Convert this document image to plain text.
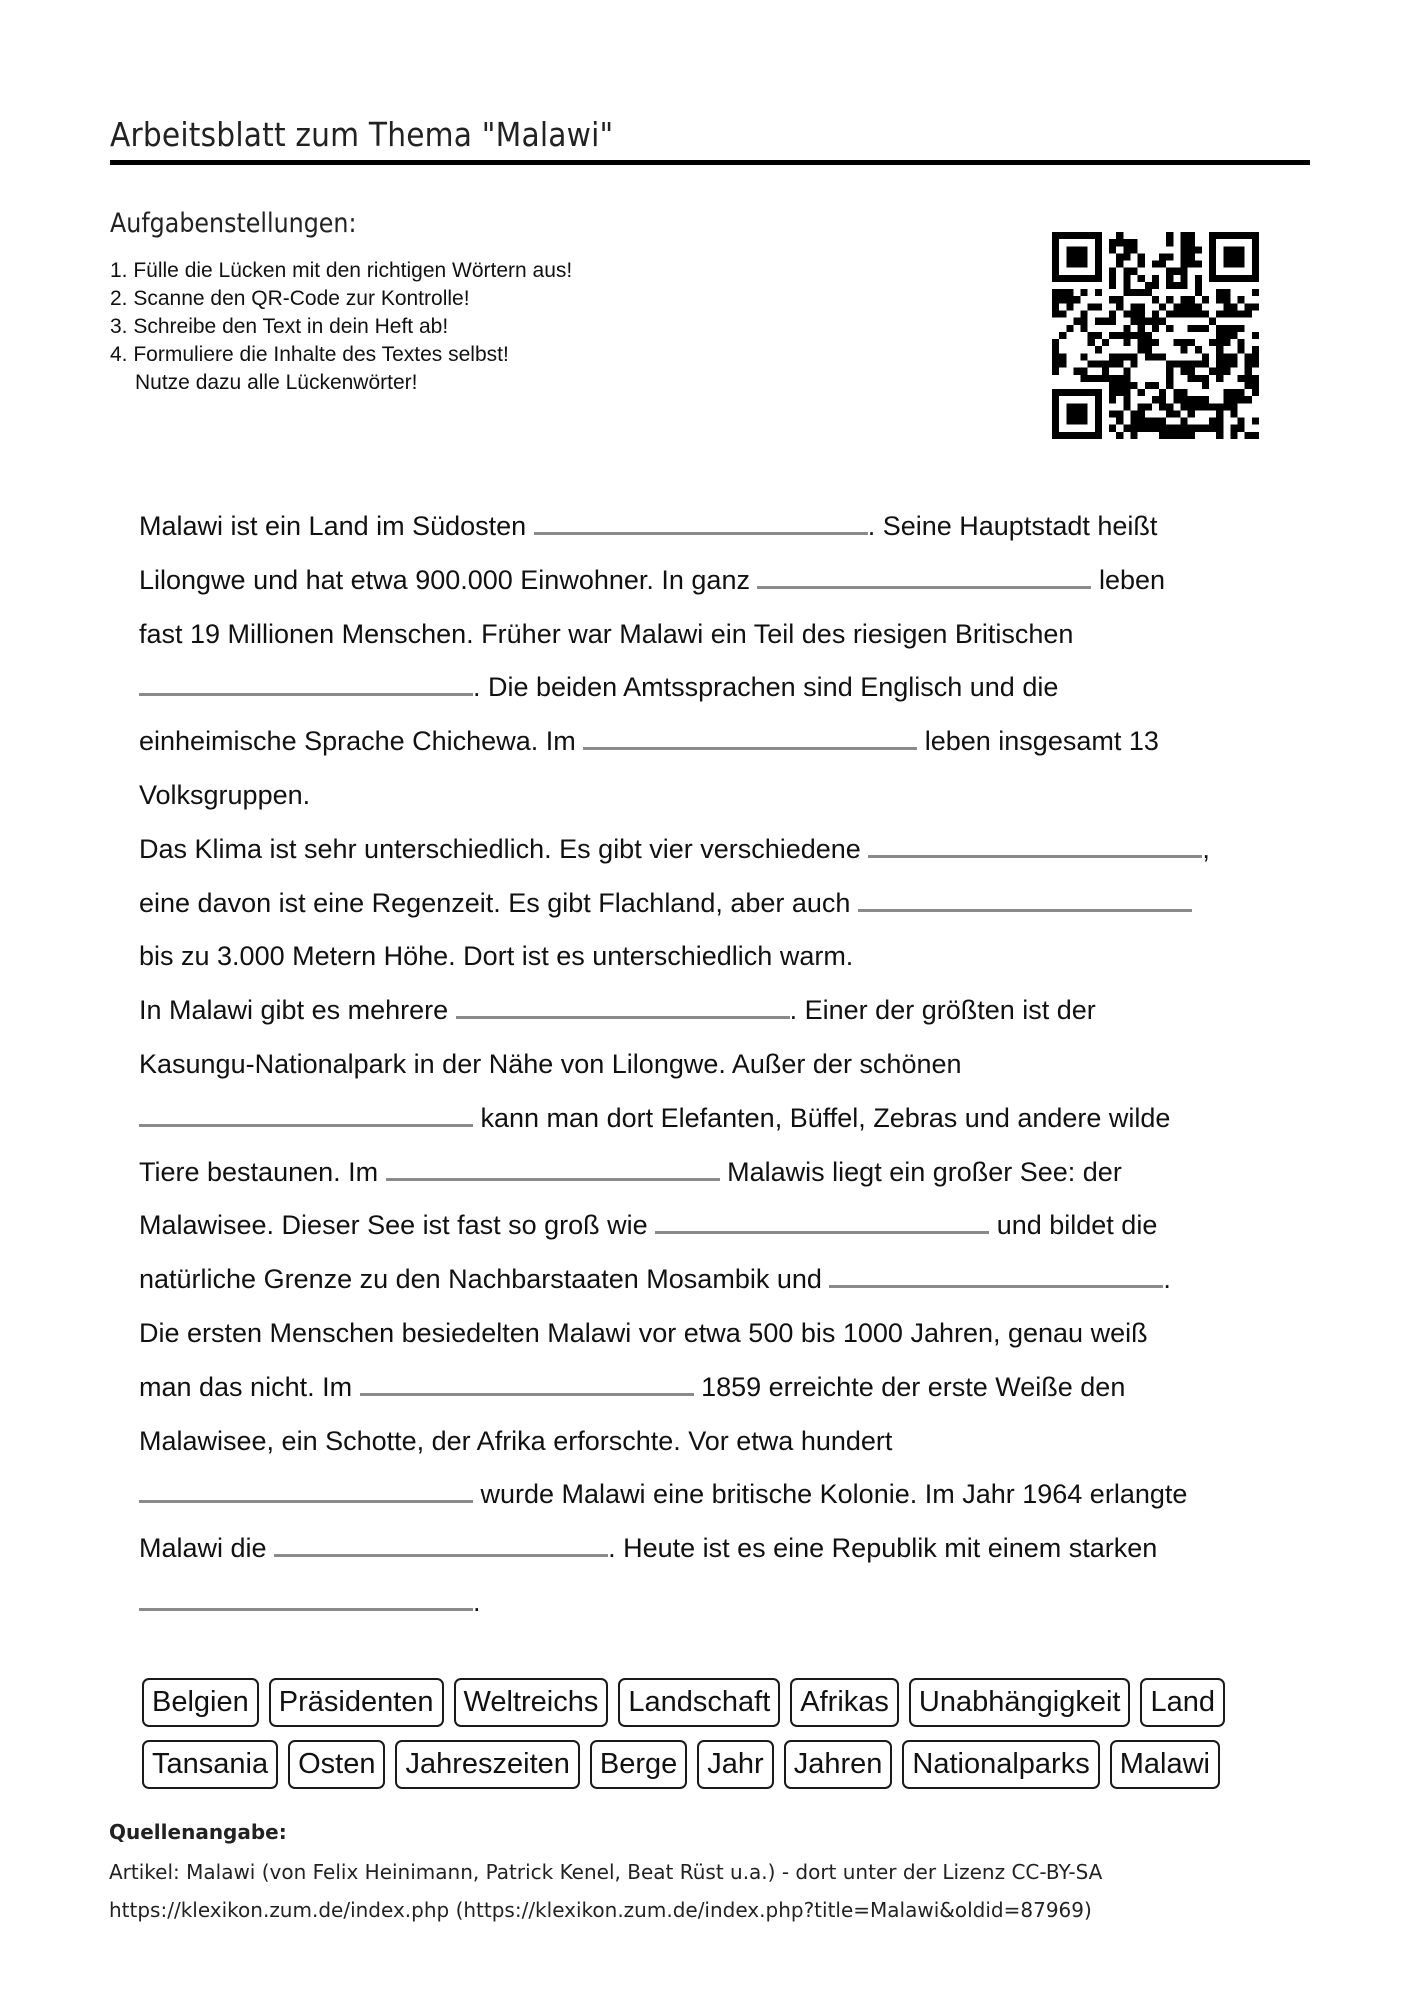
Arbeitsblatt zum Thema "Malawi"
Aufgabenstellungen:
1. Fülle die Lücken mit den richtigen Wörtern aus!
2. Scanne den QR-Code zur Kontrolle!
3. Schreibe den Text in dein Heft ab!
4. Formuliere die Inhalte des Textes selbst!
Nutze dazu alle Lückenwörter!
Malawi ist ein Land im Südosten	. Seine Hauptstadt heißt
Lilongwe und hat etwa 900.000 Einwohner. In ganz	leben
fast 19 Millionen Menschen. Früher war Malawi ein Teil des riesigen Britischen
. Die beiden Amtssprachen sind Englisch und die
einheimische Sprache Chichewa. Im	leben insgesamt 13
Volksgruppen.
Das Klima ist sehr unterschiedlich. Es gibt vier verschiedene	,
eine davon ist eine Regenzeit. Es gibt Flachland, aber auch
bis zu 3.000 Metern Höhe. Dort ist es unterschiedlich warm.
In Malawi gibt es mehrere	. Einer der größten ist der
Kasungu-Nationalpark in der Nähe von Lilongwe. Außer der schönen
kann man dort Elefanten, Büffel, Zebras und andere wilde
Tiere bestaunen. Im	Malawis liegt ein großer See: der
Malawisee. Dieser See ist fast so groß wie	und bildet die
natürliche Grenze zu den Nachbarstaaten Mosambik und	.
Die ersten Menschen besiedelten Malawi vor etwa 500 bis 1000 Jahren, genau weiß
man das nicht. Im	1859 erreichte der erste Weiße den
Malawisee, ein Schotte, der Afrika erforschte. Vor etwa hundert
wurde Malawi eine britische Kolonie. Im Jahr 1964 erlangte
Malawi die	. Heute ist es eine Republik mit einem starken
.
Belgien	Präsidenten	Weltreichs	Landschaft	Afrikas	Unabhängigkeit	Land
Tansania	Osten	Jahreszeiten	Berge	Jahr	Jahren	Nationalparks	Malawi

Quellenangabe:

Artikel: Malawi (von Felix Heinimann, Patrick Kenel, Beat Rüst u.a.) - dort unter der Lizenz CC-BY-SA

https://klexikon.zum.de/index.php (https://klexikon.zum.de/index.php?title=Malawi&oldid=87969)
